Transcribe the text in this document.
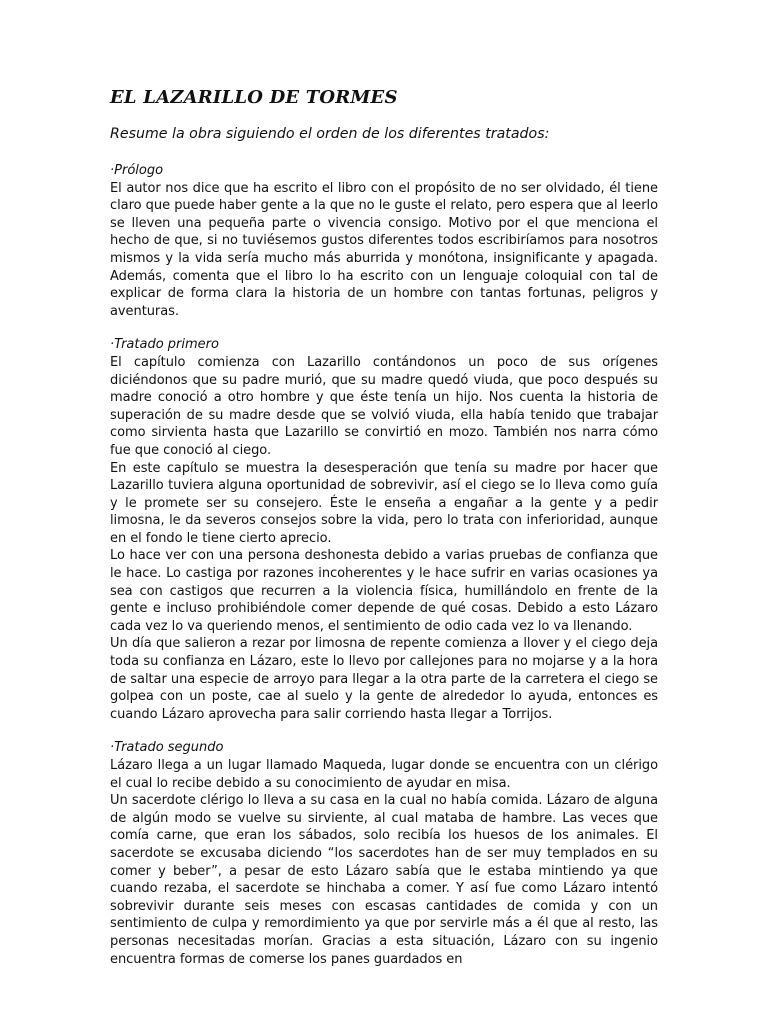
EL LAZARILLO DE TORMES

Resume la obra siguiendo el orden de los diferentes tratados:

·Prólogo

El autor nos dice que ha escrito el libro con el propósito de no ser olvidado, él tiene claro que puede haber gente a la que no le guste el relato, pero espera que al leerlo se lleven una pequeña parte o vivencia consigo. Motivo por el que menciona el hecho de que, si no tuviésemos gustos diferentes todos escribiríamos para nosotros mismos y la vida sería mucho más aburrida y monótona, insignificante y apagada. Además, comenta que el libro lo ha escrito con un lenguaje coloquial con tal de explicar de forma clara la historia de un hombre con tantas fortunas, peligros y aventuras.

·Tratado primero

El capítulo comienza con Lazarillo contándonos un poco de sus orígenes diciéndonos que su padre murió, que su madre quedó viuda, que poco después su madre conoció a otro hombre y que éste tenía un hijo. Nos cuenta la historia de superación de su madre desde que se volvió viuda, ella había tenido que trabajar como sirvienta hasta que Lazarillo se convirtió en mozo. También nos narra cómo fue que conoció al ciego.

En este capítulo se muestra la desesperación que tenía su madre por hacer que Lazarillo tuviera alguna oportunidad de sobrevivir, así el ciego se lo lleva como guía y le promete ser su consejero. Éste le enseña a engañar a la gente y a pedir limosna, le da severos consejos sobre la vida, pero lo trata con inferioridad, aunque en el fondo le tiene cierto aprecio.

Lo hace ver con una persona deshonesta debido a varias pruebas de confianza que le hace. Lo castiga por razones incoherentes y le hace sufrir en varias ocasiones ya sea con castigos que recurren a la violencia física, humillándolo en frente de la gente e incluso prohibiéndole comer depende de qué cosas. Debido a esto Lázaro cada vez lo va queriendo menos, el sentimiento de odio cada vez lo va llenando.

Un día que salieron a rezar por limosna de repente comienza a llover y el ciego deja toda su confianza en Lázaro, este lo llevo por callejones para no mojarse y a la hora de saltar una especie de arroyo para llegar a la otra parte de la carretera el ciego se golpea con un poste, cae al suelo y la gente de alrededor lo ayuda, entonces es cuando Lázaro aprovecha para salir corriendo hasta llegar a Torrijos.

·Tratado segundo

Lázaro llega a un lugar llamado Maqueda, lugar donde se encuentra con un clérigo el cual lo recibe debido a su conocimiento de ayudar en misa.

Un sacerdote clérigo lo lleva a su casa en la cual no había comida. Lázaro de alguna de algún modo se vuelve su sirviente, al cual mataba de hambre. Las veces que comía carne, que eran los sábados, solo recibía los huesos de los animales. El sacerdote se excusaba diciendo “los sacerdotes han de ser muy templados en su comer y beber”, a pesar de esto Lázaro sabía que le estaba mintiendo ya que cuando rezaba, el sacerdote se hinchaba a comer. Y así fue como Lázaro intentó sobrevivir durante seis meses con escasas cantidades de comida y con un sentimiento de culpa y remordimiento ya que por servirle más a él que al resto, las personas necesitadas morían. Gracias a esta situación, Lázaro con su ingenio encuentra formas de comerse los panes guardados en
